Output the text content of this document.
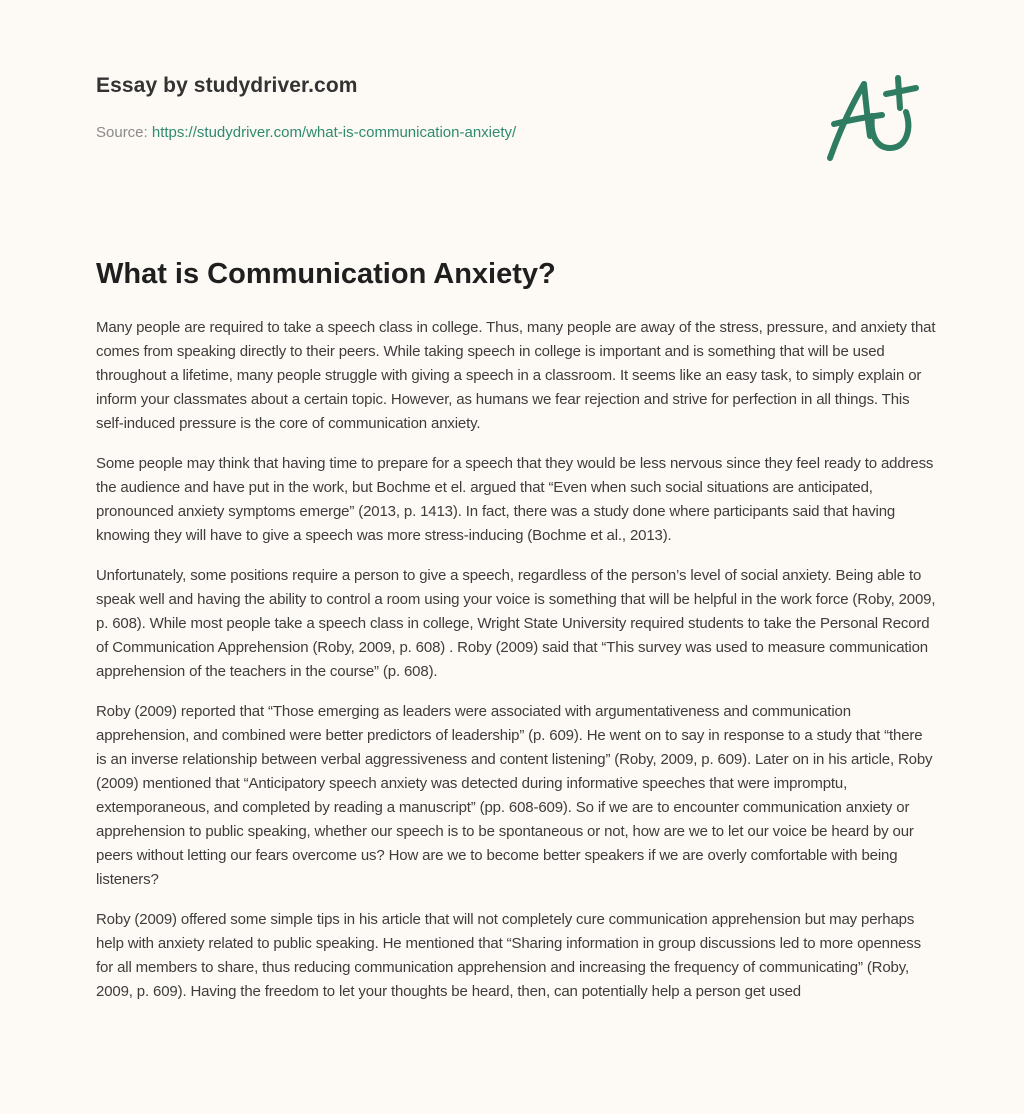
Essay by studydriver.com
Source: https://studydriver.com/what-is-communication-anxiety/
What is Communication Anxiety?

Many people are required to take a speech class in college. Thus, many people are away of the stress, pressure, and anxiety that comes from speaking directly to their peers. While taking speech in college is important and is something that will be used throughout a lifetime, many people struggle with giving a speech in a classroom. It seems like an easy task, to simply explain or inform your classmates about a certain topic. However, as humans we fear rejection and strive for perfection in all things. This self-induced pressure is the core of communication anxiety.

Some people may think that having time to prepare for a speech that they would be less nervous since they feel ready to address the audience and have put in the work, but Bochme et el. argued that “Even when such social situations are anticipated, pronounced anxiety symptoms emerge” (2013, p. 1413). In fact, there was a study done where participants said that having knowing they will have to give a speech was more stress-inducing (Bochme et al., 2013).

Unfortunately, some positions require a person to give a speech, regardless of the person’s level of social anxiety. Being able to speak well and having the ability to control a room using your voice is something that will be helpful in the work force (Roby, 2009, p. 608). While most people take a speech class in college, Wright State University required students to take the Personal Record of Communication Apprehension (Roby, 2009, p. 608) . Roby (2009) said that “This survey was used to measure communication apprehension of the teachers in the course” (p. 608).

Roby (2009) reported that “Those emerging as leaders were associated with argumentativeness and communication apprehension, and combined were better predictors of leadership” (p. 609). He went on to say in response to a study that “there is an inverse relationship between verbal aggressiveness and content listening” (Roby, 2009, p. 609). Later on in his article, Roby (2009) mentioned that “Anticipatory speech anxiety was detected during informative speeches that were impromptu, extemporaneous, and completed by reading a manuscript” (pp. 608-609). So if we are to encounter communication anxiety or apprehension to public speaking, whether our speech is to be spontaneous or not, how are we to let our voice be heard by our peers without letting our fears overcome us? How are we to become better speakers if we are overly comfortable with being listeners?

Roby (2009) offered some simple tips in his article that will not completely cure communication apprehension but may perhaps help with anxiety related to public speaking. He mentioned that “Sharing information in group discussions led to more openness for all members to share, thus reducing communication apprehension and increasing the frequency of communicating” (Roby, 2009, p. 609). Having the freedom to let your thoughts be heard, then, can potentially help a person get used
